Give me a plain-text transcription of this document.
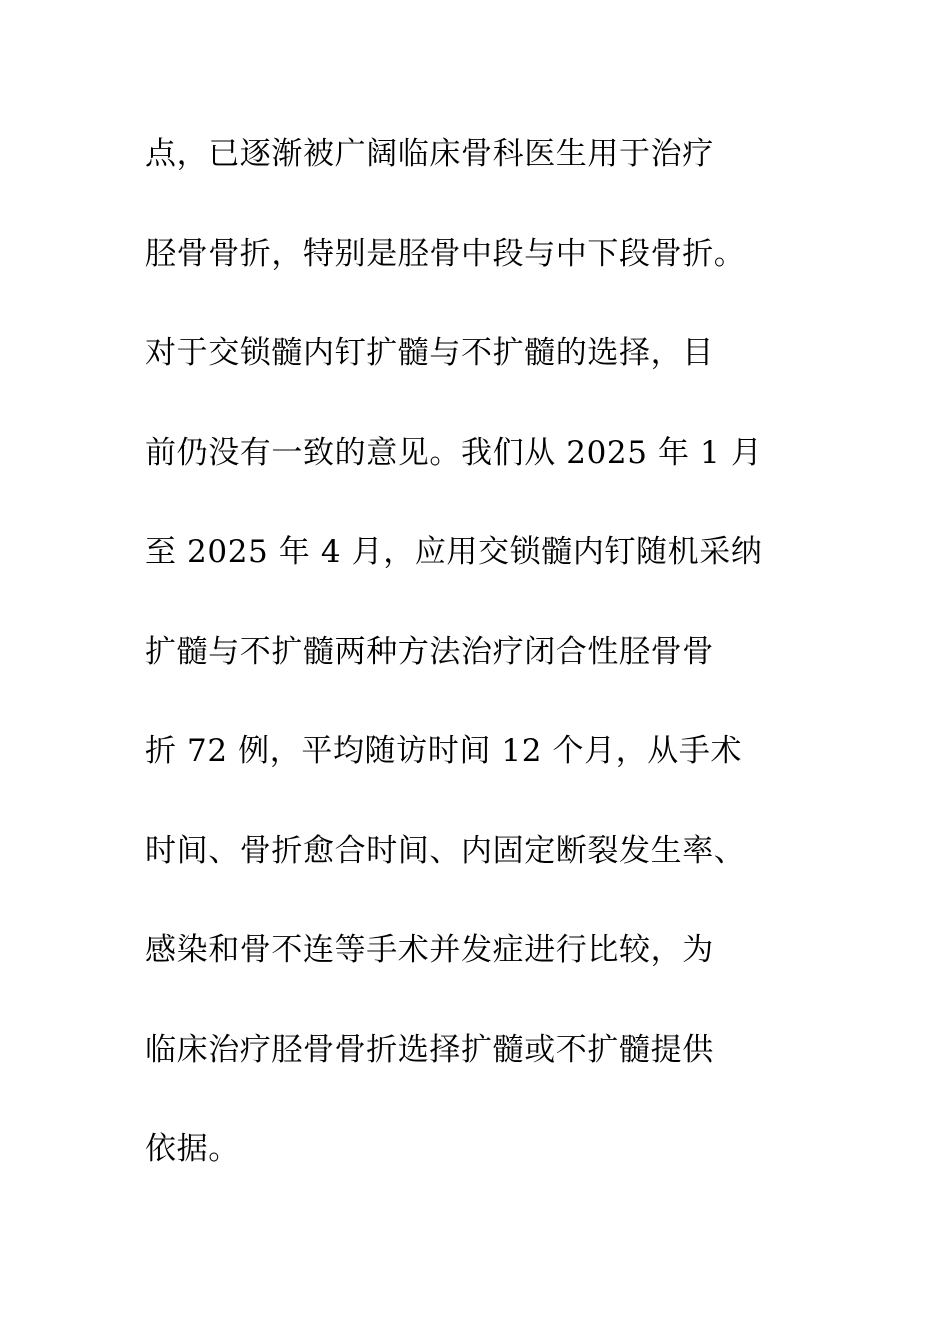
点，已逐渐被广阔临床骨科医生用于治疗
胫骨骨折，特别是胫骨中段与中下段骨折。
对于交锁髓内钉扩髓与不扩髓的选择，目
前仍没有一致的意见。我们从 2025 年 1 月
至 2025 年 4 月，应用交锁髓内钉随机采纳
扩髓与不扩髓两种方法治疗闭合性胫骨骨
折 72 例，平均随访时间 12 个月，从手术
时间、骨折愈合时间、内固定断裂发生率、
感染和骨不连等手术并发症进行比较，为
临床治疗胫骨骨折选择扩髓或不扩髓提供
依据。
